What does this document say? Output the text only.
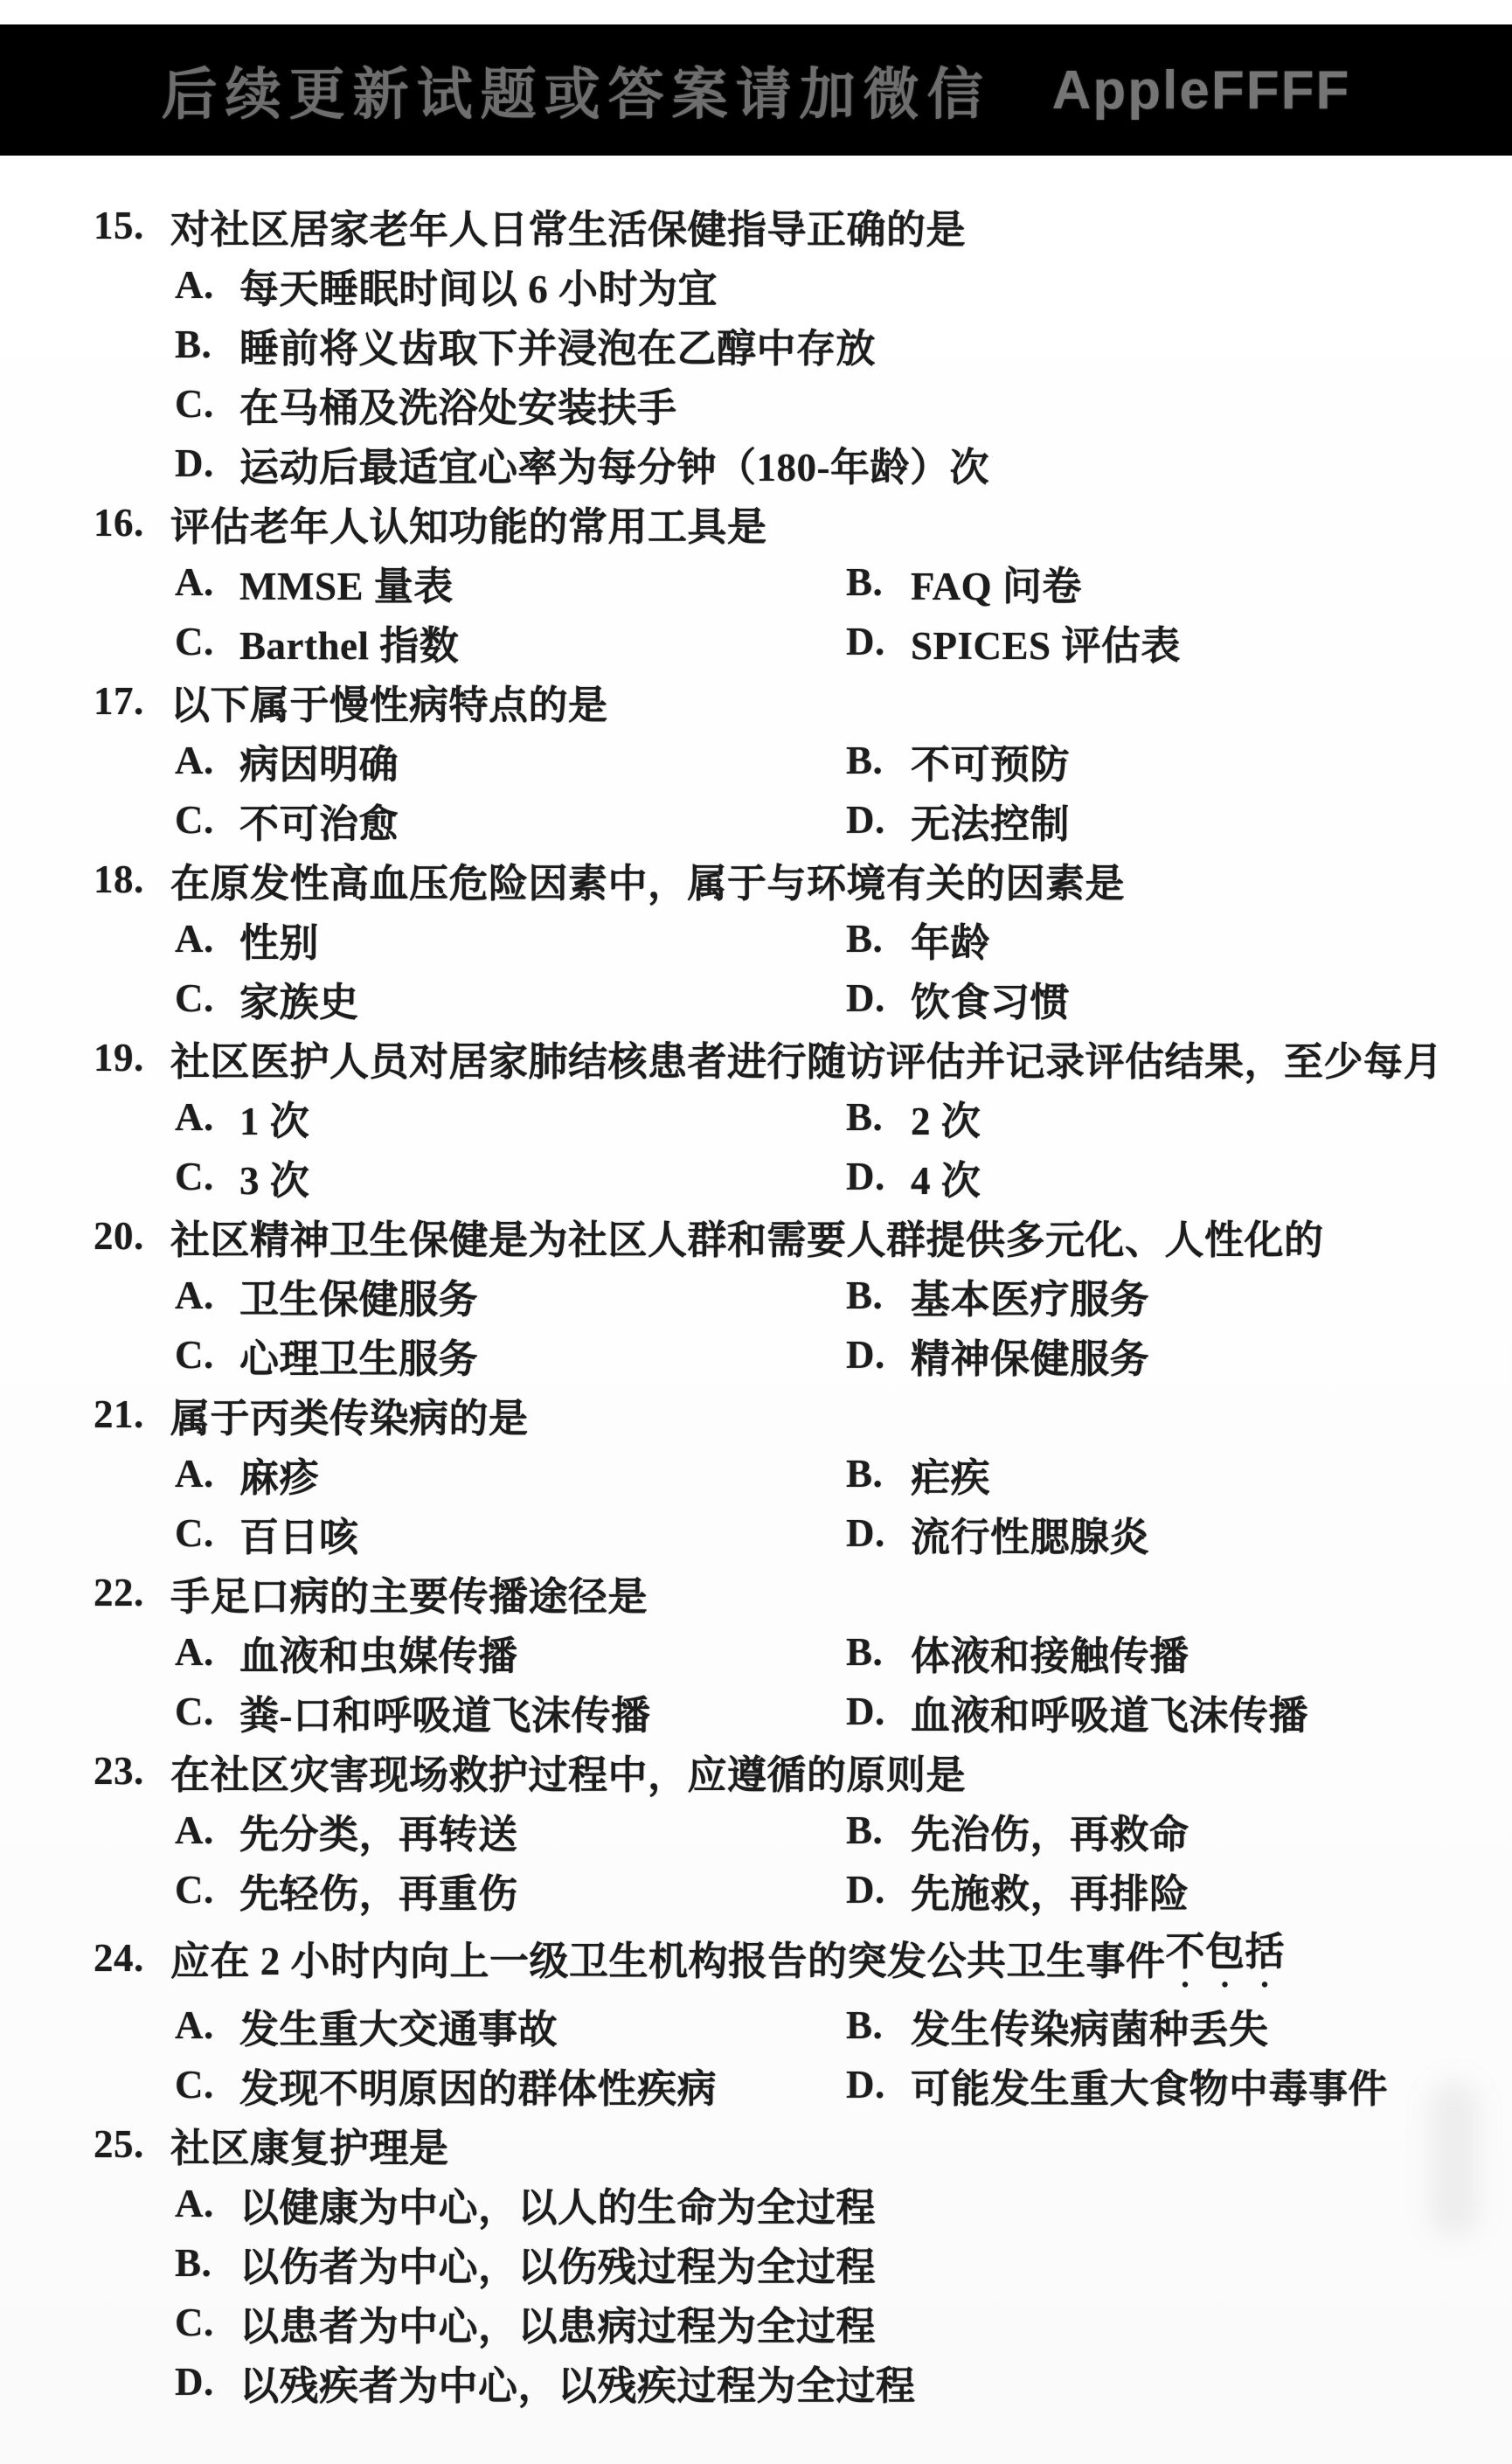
后续更新试题或答案请加微信 AppleFFFF
15. 对社区居家老年人日常生活保健指导正确的是
A. 每天睡眠时间以 6 小时为宜
B. 睡前将义齿取下并浸泡在乙醇中存放
C. 在马桶及洗浴处安装扶手
D. 运动后最适宜心率为每分钟（180-年龄）次
16. 评估老年人认知功能的常用工具是
A. MMSE 量表	B. FAQ 问卷
C. Barthel 指数	D. SPICES 评估表
17. 以下属于慢性病特点的是
A. 病因明确	B. 不可预防
C. 不可治愈	D. 无法控制
18. 在原发性高血压危险因素中，属于与环境有关的因素是
A. 性别	B. 年龄
C. 家族史	D. 饮食习惯
19. 社区医护人员对居家肺结核患者进行随访评估并记录评估结果，至少每月
A. 1 次	B. 2 次
C. 3 次	D. 4 次
20. 社区精神卫生保健是为社区人群和需要人群提供多元化、人性化的
A. 卫生保健服务	B. 基本医疗服务
C. 心理卫生服务	D. 精神保健服务
21. 属于丙类传染病的是
A. 麻疹	B. 疟疾
C. 百日咳	D. 流行性腮腺炎
22. 手足口病的主要传播途径是
A. 血液和虫媒传播	B. 体液和接触传播
C. 粪-口和呼吸道飞沫传播	D. 血液和呼吸道飞沫传播
23. 在社区灾害现场救护过程中，应遵循的原则是
A. 先分类，再转送	B. 先治伤，再救命
C. 先轻伤，再重伤	D. 先施救，再排险
24. 应在 2 小时内向上一级卫生机构报告的突发公共卫生事件 不包括
A. 发生重大交通事故	B. 发生传染病菌种丢失
C. 发现不明原因的群体性疾病	D. 可能发生重大食物中毒事件
25. 社区康复护理是
A. 以健康为中心，以人的生命为全过程
B. 以伤者为中心，以伤残过程为全过程
C. 以患者为中心，以患病过程为全过程
D. 以残疾者为中心，以残疾过程为全过程
